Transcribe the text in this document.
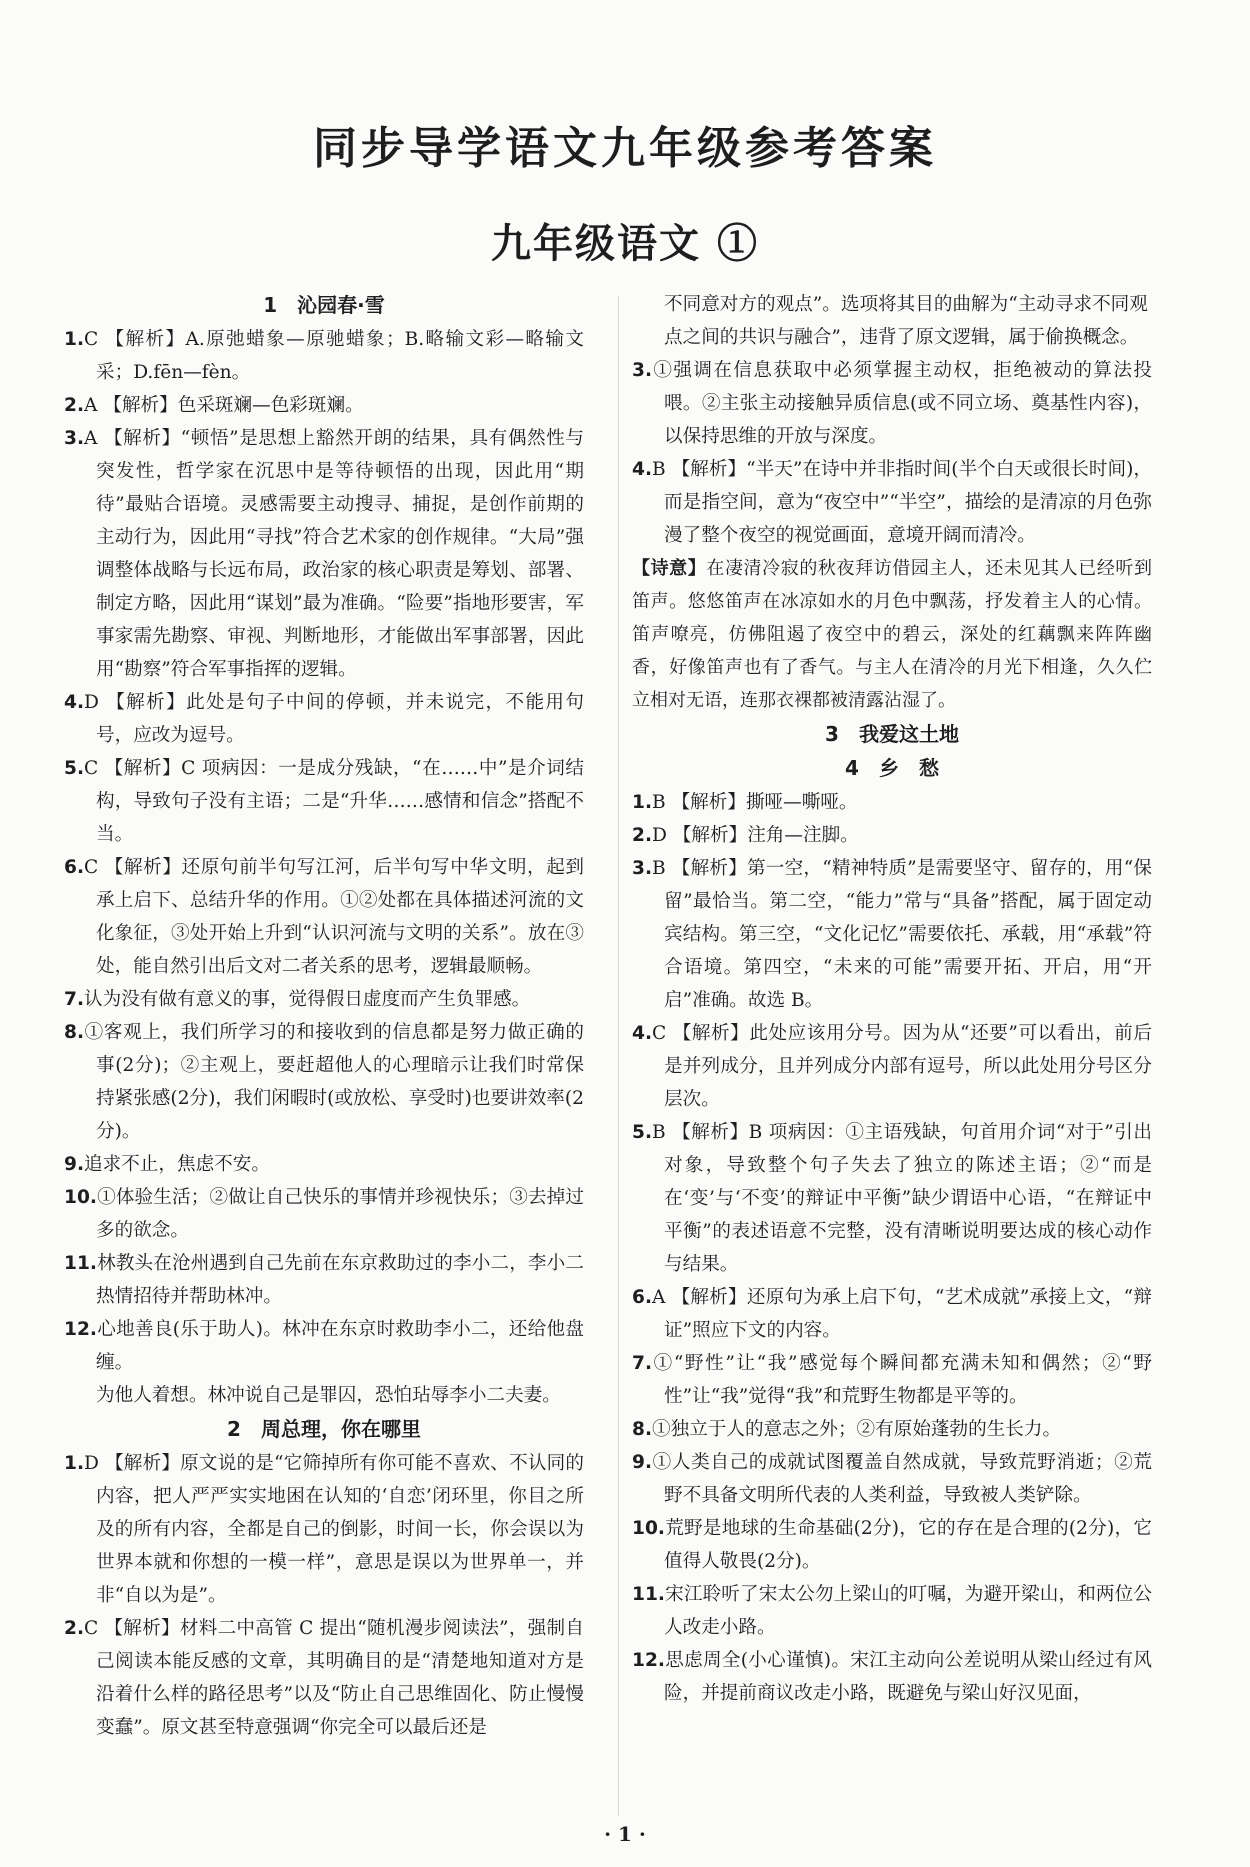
同步导学语文九年级参考答案
九年级语文 ①
1　沁园春·雪
1.C 【解析】A.原弛蜡象—原驰蜡象；B.略输文彩—略输文采；D.fēn—fèn。
2.A 【解析】色采斑斓—色彩斑斓。
3.A 【解析】“顿悟”是思想上豁然开朗的结果，具有偶然性与突发性，哲学家在沉思中是等待顿悟的出现，因此用“期待”最贴合语境。灵感需要主动搜寻、捕捉，是创作前期的主动行为，因此用“寻找”符合艺术家的创作规律。“大局”强调整体战略与长远布局，政治家的核心职责是筹划、部署、制定方略，因此用“谋划”最为准确。“险要”指地形要害，军事家需先勘察、审视、判断地形，才能做出军事部署，因此用“勘察”符合军事指挥的逻辑。
4.D 【解析】此处是句子中间的停顿，并未说完，不能用句号，应改为逗号。
5.C 【解析】C 项病因：一是成分残缺，“在……中”是介词结构，导致句子没有主语；二是“升华……感情和信念”搭配不当。
6.C 【解析】还原句前半句写江河，后半句写中华文明，起到承上启下、总结升华的作用。①②处都在具体描述河流的文化象征，③处开始上升到“认识河流与文明的关系”。放在③处，能自然引出后文对二者关系的思考，逻辑最顺畅。
7.认为没有做有意义的事，觉得假日虚度而产生负罪感。
8.①客观上，我们所学习的和接收到的信息都是努力做正确的事(2分)；②主观上，要赶超他人的心理暗示让我们时常保持紧张感(2分)，我们闲暇时(或放松、享受时)也要讲效率(2分)。
9.追求不止，焦虑不安。
10.①体验生活；②做让自己快乐的事情并珍视快乐；③去掉过多的欲念。
11.林教头在沧州遇到自己先前在东京救助过的李小二，李小二热情招待并帮助林冲。
12.心地善良(乐于助人)。林冲在东京时救助李小二，还给他盘缠。
为他人着想。林冲说自己是罪囚，恐怕玷辱李小二夫妻。
2　周总理，你在哪里
1.D 【解析】原文说的是“它筛掉所有你可能不喜欢、不认同的内容，把人严严实实地困在认知的‘自恋’闭环里，你目之所及的所有内容，全都是自己的倒影，时间一长，你会误以为世界本就和你想的一模一样”，意思是误以为世界单一，并非“自以为是”。
2.C 【解析】材料二中高管 C 提出“随机漫步阅读法”，强制自己阅读本能反感的文章，其明确目的是“清楚地知道对方是沿着什么样的路径思考”以及“防止自己思维固化、防止慢慢变蠢”。原文甚至特意强调“你完全可以最后还是
不同意对方的观点”。选项将其目的曲解为“主动寻求不同观点之间的共识与融合”，违背了原文逻辑，属于偷换概念。
3.①强调在信息获取中必须掌握主动权，拒绝被动的算法投喂。②主张主动接触异质信息(或不同立场、奠基性内容)，以保持思维的开放与深度。
4.B 【解析】“半天”在诗中并非指时间(半个白天或很长时间)，而是指空间，意为“夜空中”“半空”，描绘的是清凉的月色弥漫了整个夜空的视觉画面，意境开阔而清冷。
【诗意】在凄清冷寂的秋夜拜访借园主人，还未见其人已经听到笛声。悠悠笛声在冰凉如水的月色中飘荡，抒发着主人的心情。笛声嘹亮，仿佛阻遏了夜空中的碧云，深处的红藕飘来阵阵幽香，好像笛声也有了香气。与主人在清冷的月光下相逢，久久伫立相对无语，连那衣裸都被清露沾湿了。
3　我爱这土地
4　乡　愁
1.B 【解析】撕哑—嘶哑。
2.D 【解析】注角—注脚。
3.B 【解析】第一空，“精神特质”是需要坚守、留存的，用“保留”最恰当。第二空，“能力”常与“具备”搭配，属于固定动宾结构。第三空，“文化记忆”需要依托、承载，用“承载”符合语境。第四空，“未来的可能”需要开拓、开启，用“开启”准确。故选 B。
4.C 【解析】此处应该用分号。因为从“还要”可以看出，前后是并列成分，且并列成分内部有逗号，所以此处用分号区分层次。
5.B 【解析】B 项病因：①主语残缺，句首用介词“对于”引出对象，导致整个句子失去了独立的陈述主语；②“而是在‘变’与‘不变’的辩证中平衡”缺少谓语中心语，“在辩证中平衡”的表述语意不完整，没有清晰说明要达成的核心动作与结果。
6.A 【解析】还原句为承上启下句，“艺术成就”承接上文，“辩证”照应下文的内容。
7.①“野性”让“我”感觉每个瞬间都充满未知和偶然；②“野性”让“我”觉得“我”和荒野生物都是平等的。
8.①独立于人的意志之外；②有原始蓬勃的生长力。
9.①人类自己的成就试图覆盖自然成就，导致荒野消逝；②荒野不具备文明所代表的人类利益，导致被人类铲除。
10.荒野是地球的生命基础(2分)，它的存在是合理的(2分)，它值得人敬畏(2分)。
11.宋江聆听了宋太公勿上梁山的叮嘱，为避开梁山，和两位公人改走小路。
12.思虑周全(小心谨慎)。宋江主动向公差说明从梁山经过有风险，并提前商议改走小路，既避免与梁山好汉见面，
· 1 ·
